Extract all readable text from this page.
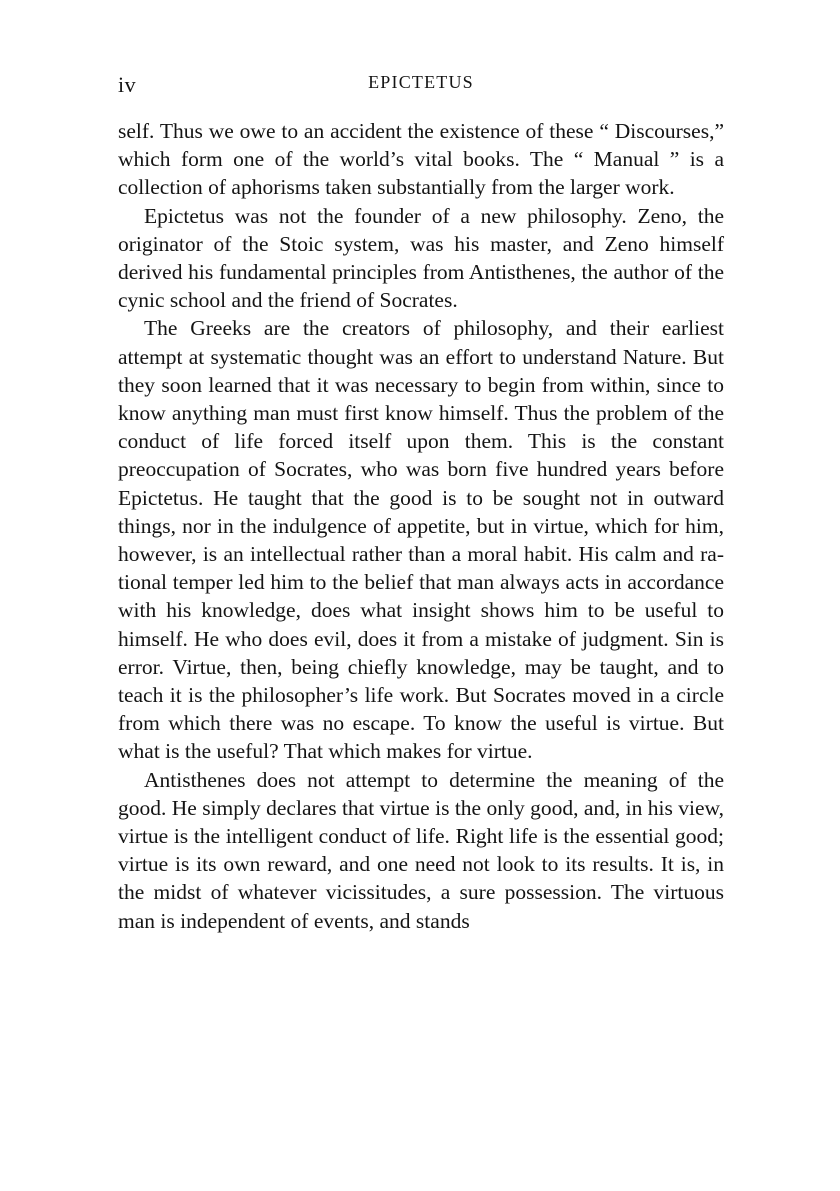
iv	EPICTETUS

self. Thus we owe to an accident the existence of these “ Discourses,” which form one of the world’s vital books. The “ Manual ” is a collection of aphorisms taken substantially from the larger work.

Epictetus was not the founder of a new philosophy. Zeno, the originator of the Stoic system, was his master, and Zeno himself derived his fundamental principles from Antisthenes, the author of the cynic school and the friend of Socrates.

The Greeks are the creators of philosophy, and their earliest attempt at systematic thought was an effort to understand Nature. But they soon learned that it was necessary to begin from within, since to know anything man must first know himself. Thus the problem of the conduct of life forced itself upon them. This is the constant preoccupation of Socrates, who was born five hundred years before Epictetus. He taught that the good is to be sought not in outward things, nor in the indulgence of appetite, but in virtue, which for him, however, is an intellectual rather than a moral habit. His calm and rational temper led him to the belief that man always acts in accordance with his knowledge, does what insight shows him to be useful to himself. He who does evil, does it from a mistake of judgment. Sin is error. Virtue, then, being chiefly knowledge, may be taught, and to teach it is the philosopher’s life work. But Socrates moved in a circle from which there was no escape. To know the useful is virtue. But what is the useful? That which makes for virtue.

Antisthenes does not attempt to determine the meaning of the good. He simply declares that virtue is the only good, and, in his view, virtue is the intelligent conduct of life. Right life is the essential good; virtue is its own reward, and one need not look to its results. It is, in the midst of whatever vicissitudes, a sure possession. The virtuous man is independent of events, and stands
